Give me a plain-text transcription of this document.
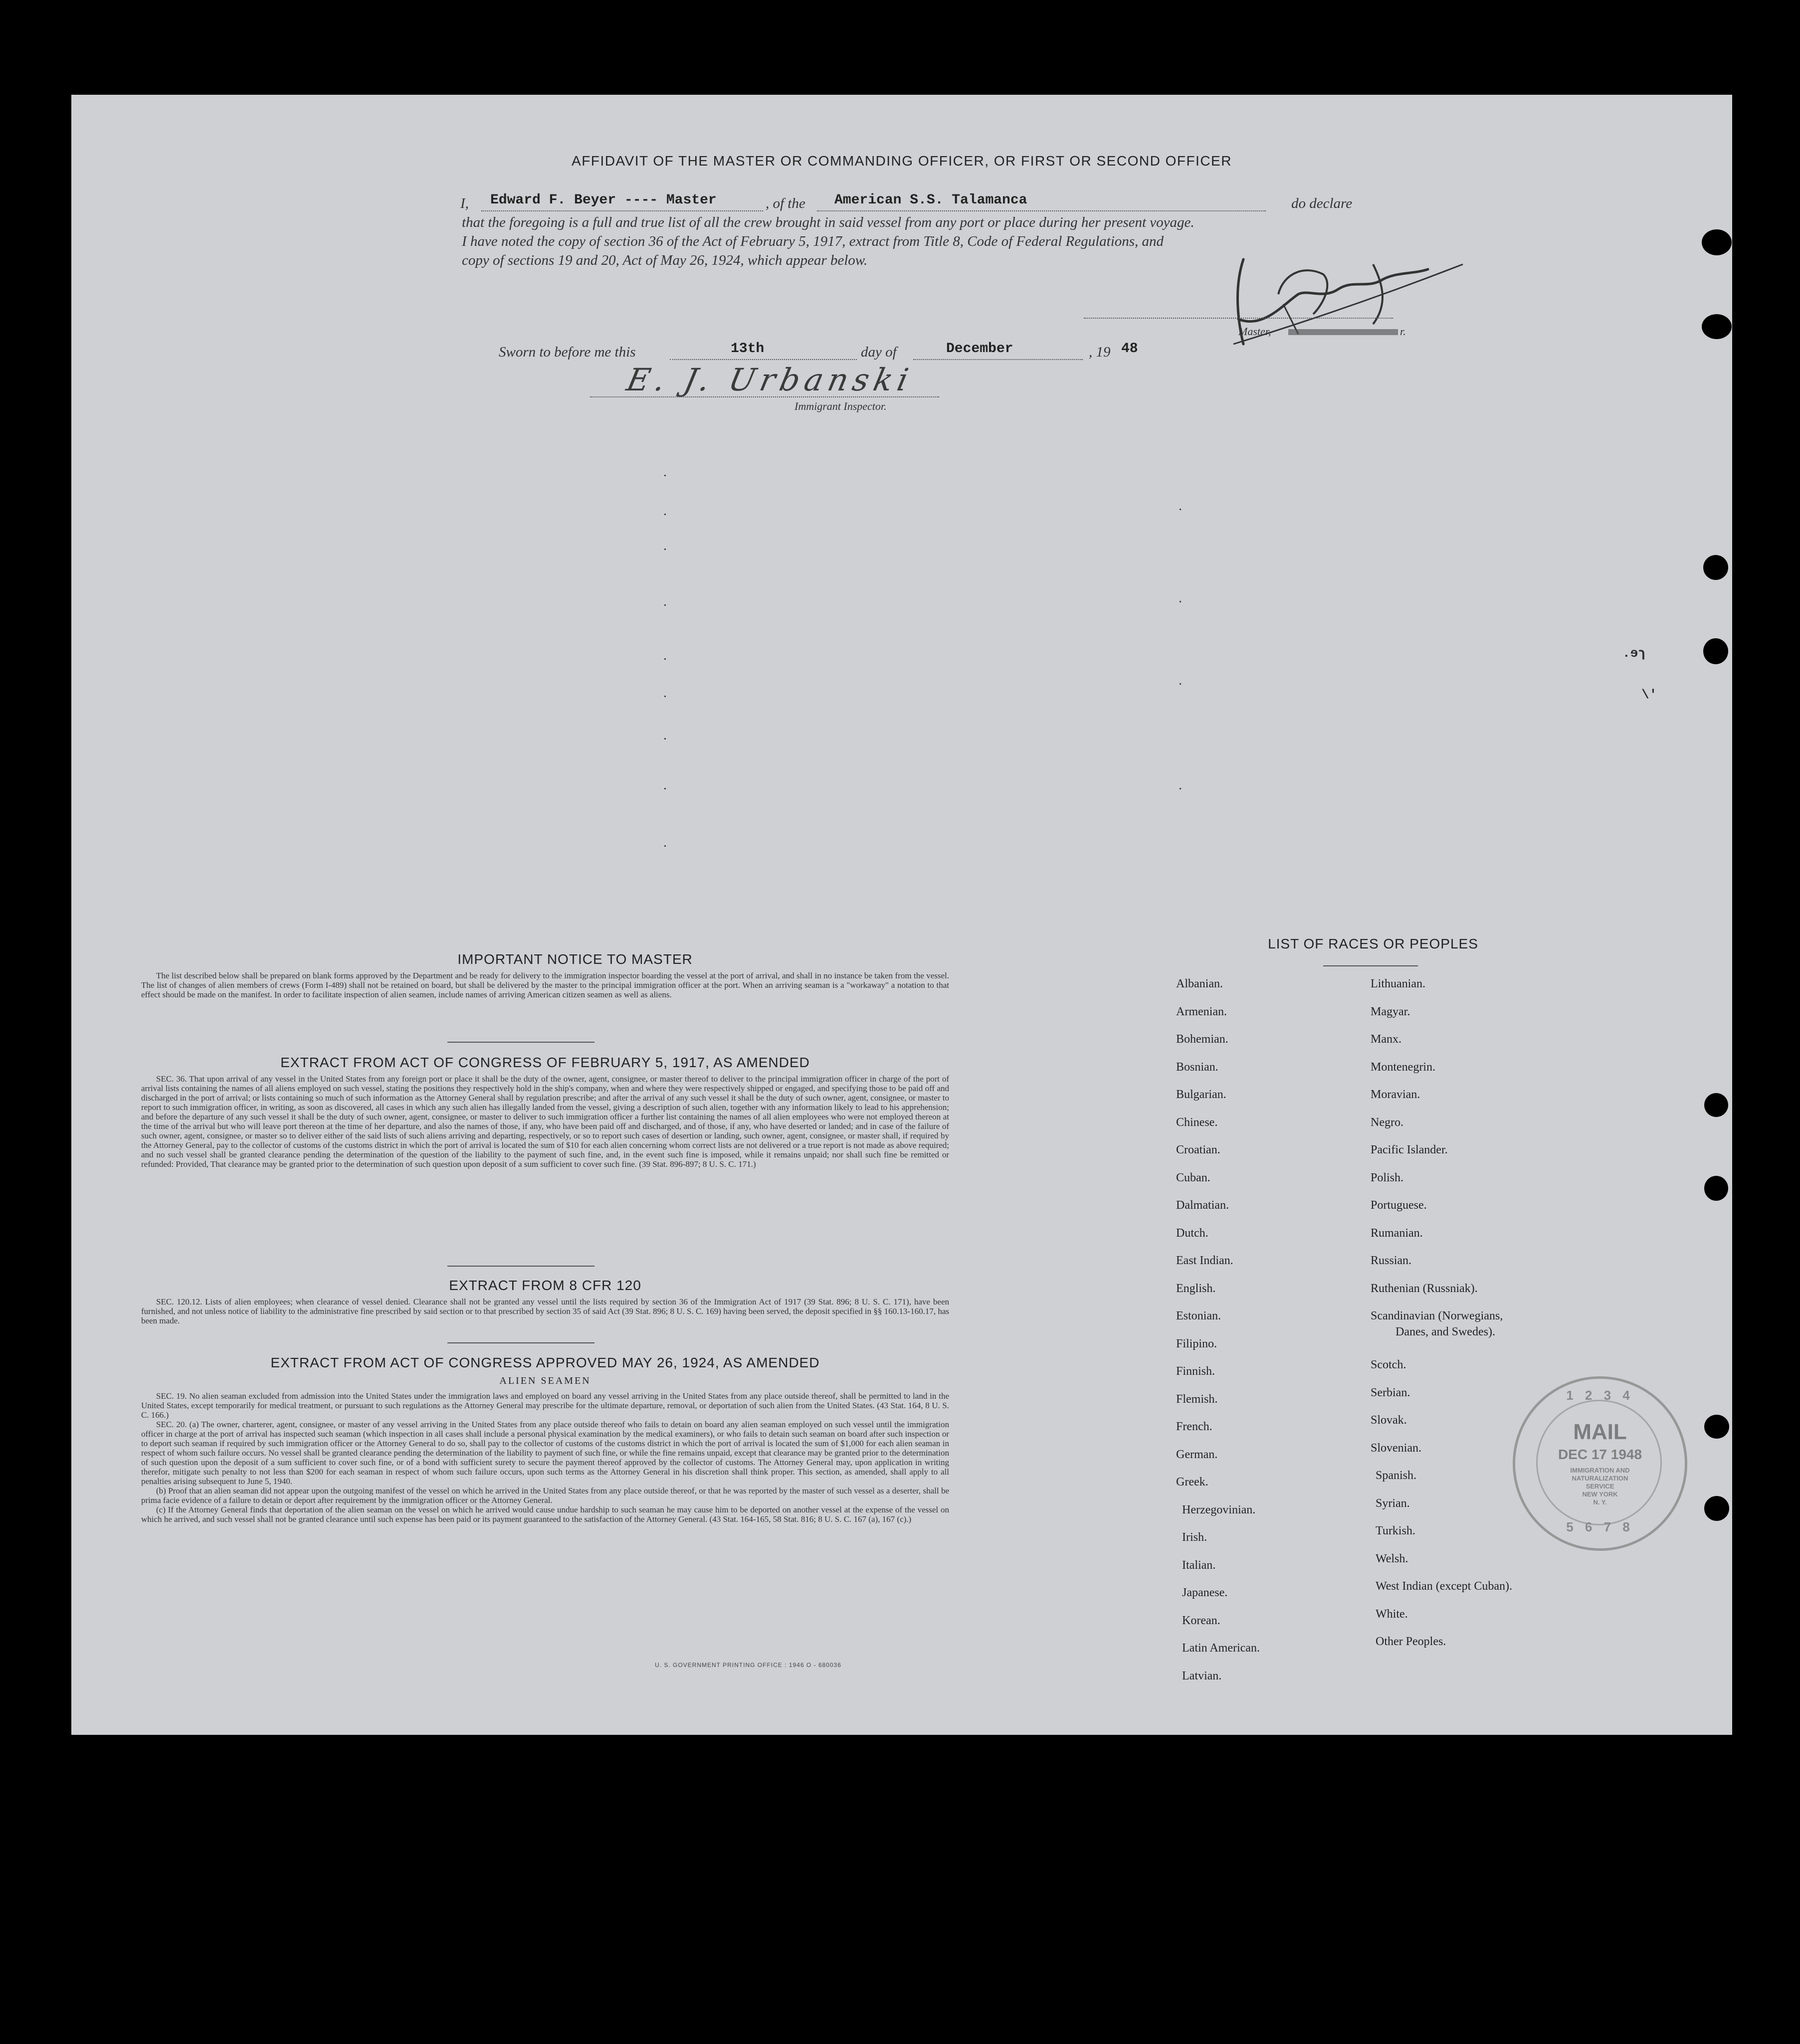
AFFIDAVIT OF THE MASTER OR COMMANDING OFFICER, OR FIRST OR SECOND OFFICER
I, Edward F. Beyer ---- Master	, of the American S.S. Talamanca	do declare
that the foregoing is a full and true list of all the crew brought in said vessel from any port or place during her present voyage.
I have noted the copy of section 36 of the Act of February 5, 1917, extract from Title 8, Code of Federal Regulations, and
copy of sections 19 and 20, Act of May 26, 1924, which appear below.
Master,	r.
Sworn to before me this	13th	day of	December	, 19 48
E. J. Urbanski
Immigrant Inspector.
.ɘɿ
\'
IMPORTANT NOTICE TO MASTER

The list described below shall be prepared on blank forms approved by the Department and be ready for delivery to the immigration inspector boarding the vessel at the port of arrival, and shall in no instance be taken from the vessel. The list of changes of alien members of crews (Form I-489) shall not be retained on board, but shall be delivered by the master to the principal immigration officer at the port. When an arriving seaman is a "workaway" a notation to that effect should be made on the manifest. In order to facilitate inspection of alien seamen, include names of arriving American citizen seamen as well as aliens.

EXTRACT FROM ACT OF CONGRESS OF FEBRUARY 5, 1917, AS AMENDED

SEC. 36. That upon arrival of any vessel in the United States from any foreign port or place it shall be the duty of the owner, agent, consignee, or master thereof to deliver to the principal immigration officer in charge of the port of arrival lists containing the names of all aliens employed on such vessel, stating the positions they respectively hold in the ship's company, when and where they were respectively shipped or engaged, and specifying those to be paid off and discharged in the port of arrival; or lists containing so much of such information as the Attorney General shall by regulation prescribe; and after the arrival of any such vessel it shall be the duty of such owner, agent, consignee, or master to report to such immigration officer, in writing, as soon as discovered, all cases in which any such alien has illegally landed from the vessel, giving a description of such alien, together with any information likely to lead to his apprehension; and before the departure of any such vessel it shall be the duty of such owner, agent, consignee, or master to deliver to such immigration officer a further list containing the names of all alien employees who were not employed thereon at the time of the arrival but who will leave port thereon at the time of her departure, and also the names of those, if any, who have been paid off and discharged, and of those, if any, who have deserted or landed; and in case of the failure of such owner, agent, consignee, or master so to deliver either of the said lists of such aliens arriving and departing, respectively, or so to report such cases of desertion or landing, such owner, agent, consignee, or master shall, if required by the Attorney General, pay to the collector of customs of the customs district in which the port of arrival is located the sum of $10 for each alien concerning whom correct lists are not delivered or a true report is not made as above required; and no such vessel shall be granted clearance pending the determination of the question of the liability to the payment of such fine, and, in the event such fine is imposed, while it remains unpaid; nor shall such fine be remitted or refunded: Provided, That clearance may be granted prior to the determination of such question upon deposit of a sum sufficient to cover such fine. (39 Stat. 896-897; 8 U. S. C. 171.)

EXTRACT FROM 8 CFR 120

SEC. 120.12. Lists of alien employees; when clearance of vessel denied. Clearance shall not be granted any vessel until the lists required by section 36 of the Immigration Act of 1917 (39 Stat. 896; 8 U. S. C. 171), have been furnished, and not unless notice of liability to the administrative fine prescribed by said section or to that prescribed by section 35 of said Act (39 Stat. 896; 8 U. S. C. 169) having been served, the deposit specified in §§ 160.13-160.17, has been made.

EXTRACT FROM ACT OF CONGRESS APPROVED MAY 26, 1924, AS AMENDED
ALIEN SEAMEN

SEC. 19. No alien seaman excluded from admission into the United States under the immigration laws and employed on board any vessel arriving in the United States from any place outside thereof, shall be permitted to land in the United States, except temporarily for medical treatment, or pursuant to such regulations as the Attorney General may prescribe for the ultimate departure, removal, or deportation of such alien from the United States. (43 Stat. 164, 8 U. S. C. 166.)

SEC. 20. (a) The owner, charterer, agent, consignee, or master of any vessel arriving in the United States from any place outside thereof who fails to detain on board any alien seaman employed on such vessel until the immigration officer in charge at the port of arrival has inspected such seaman (which inspection in all cases shall include a personal physical examination by the medical examiners), or who fails to detain such seaman on board after such inspection or to deport such seaman if required by such immigration officer or the Attorney General to do so, shall pay to the collector of customs of the customs district in which the port of arrival is located the sum of $1,000 for each alien seaman in respect of whom such failure occurs. No vessel shall be granted clearance pending the determination of the liability to payment of such fine, or while the fine remains unpaid, except that clearance may be granted prior to the determination of such question upon the deposit of a sum sufficient to cover such fine, or of a bond with sufficient surety to secure the payment thereof approved by the collector of customs. The Attorney General may, upon application in writing therefor, mitigate such penalty to not less than $200 for each seaman in respect of whom such failure occurs, upon such terms as the Attorney General in his discretion shall think proper. This section, as amended, shall apply to all penalties arising subsequent to June 5, 1940.

(b) Proof that an alien seaman did not appear upon the outgoing manifest of the vessel on which he arrived in the United States from any place outside thereof, or that he was reported by the master of such vessel as a deserter, shall be prima facie evidence of a failure to detain or deport after requirement by the immigration officer or the Attorney General.

(c) If the Attorney General finds that deportation of the alien seaman on the vessel on which he arrived would cause undue hardship to such seaman he may cause him to be deported on another vessel at the expense of the vessel on which he arrived, and such vessel shall not be granted clearance until such expense has been paid or its payment guaranteed to the satisfaction of the Attorney General. (43 Stat. 164-165, 58 Stat. 816; 8 U. S. C. 167 (a), 167 (c).)

U. S. GOVERNMENT PRINTING OFFICE : 1946 O - 680036
LIST OF RACES OR PEOPLES
Albanian.
Armenian.
Bohemian.
Bosnian.
Bulgarian.
Chinese.
Croatian.
Cuban.
Dalmatian.
Dutch.
East Indian.
English.
Estonian.
Filipino.
Finnish.
Flemish.
French.
German.
Greek.
Herzegovinian.
Irish.
Italian.
Japanese.
Korean.
Latin American.
Latvian.
Lithuanian.
Magyar.
Manx.
Montenegrin.
Moravian.
Negro.
Pacific Islander.
Polish.
Portuguese.
Rumanian.
Russian.
Ruthenian (Russniak).
Scandinavian (Norwegians,
Danes, and Swedes).
Scotch.
Serbian.
Slovak.
Slovenian.
Spanish.
Syrian.
Turkish.
Welsh.
West Indian (except Cuban).
White.
Other Peoples.
1 2 3 4
MAIL
DEC 17 1948
IMMIGRATION AND
NATURALIZATION
SERVICE
NEW YORK
N. Y.
5 6 7 8
